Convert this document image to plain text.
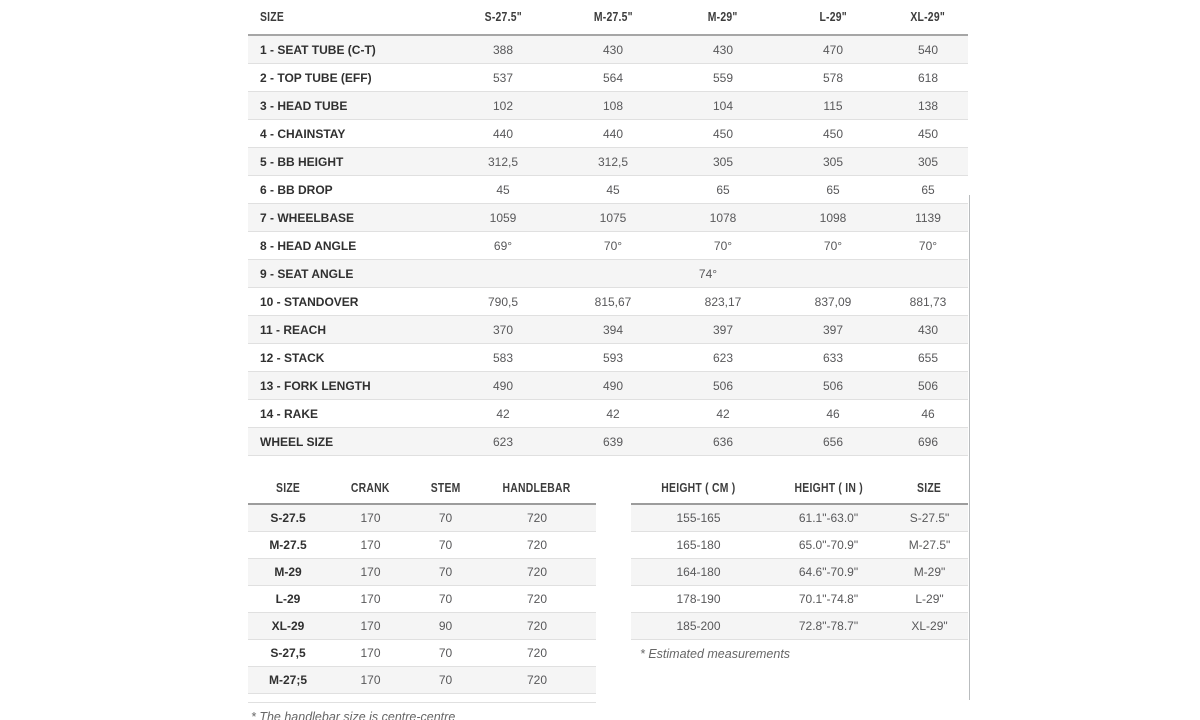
SIZE	S-27.5"	M-27.5"	M-29"	L-29"	XL-29"
1 - SEAT TUBE (C-T)	388	430	430	470	540
2 - TOP TUBE (EFF)	537	564	559	578	618
3 - HEAD TUBE	102	108	104	115	138
4 - CHAINSTAY	440	440	450	450	450
5 - BB HEIGHT	312,5	312,5	305	305	305
6 - BB DROP	45	45	65	65	65
7 - WHEELBASE	1059	1075	1078	1098	1139
8 - HEAD ANGLE	69°	70°	70°	70°	70°
9 - SEAT ANGLE	74°				
10 - STANDOVER	790,5	815,67	823,17	837,09	881,73
11 - REACH	370	394	397	397	430
12 - STACK	583	593	623	633	655
13 - FORK LENGTH	490	490	506	506	506
14 - RAKE	42	42	42	46	46
WHEEL SIZE	623	639	636	656	696
SIZE	CRANK	STEM	HANDLEBAR
S-27.5	170	70	720
M-27.5	170	70	720
M-29	170	70	720
L-29	170	70	720
XL-29	170	90	720
S-27,5	170	70	720
M-27;5	170	70	720
* The handlebar size is centre-centre
HEIGHT ( CM )	HEIGHT ( IN )	SIZE
155-165	61.1"-63.0"	S-27.5"
165-180	65.0"-70.9"	M-27.5"
164-180	64.6"-70.9"	M-29"
178-190	70.1"-74.8"	L-29"
185-200	72.8"-78.7"	XL-29"
* Estimated measurements
